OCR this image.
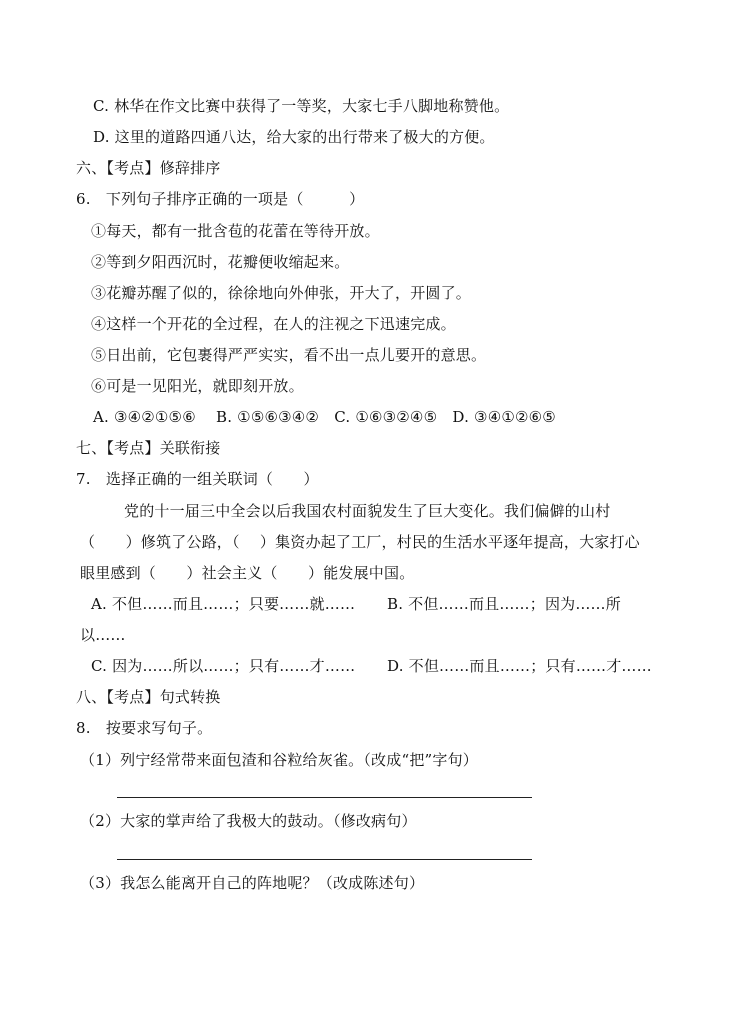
C. 林华在作文比赛中获得了一等奖，大家七手八脚地称赞他。
D. 这里的道路四通八达，给大家的出行带来了极大的方便。
六、【考点】修辞排序
6.　下列句子排序正确的一项是（　　　）
①每天，都有一批含苞的花蕾在等待开放。
②等到夕阳西沉时，花瓣便收缩起来。
③花瓣苏醒了似的，徐徐地向外伸张，开大了，开圆了。
④这样一个开花的全过程，在人的注视之下迅速完成。
⑤日出前，它包裹得严严实实，看不出一点儿要开的意思。
⑥可是一见阳光，就即刻开放。
A. ③④②①⑤⑥　 B. ①⑤⑥③④②　C. ①⑥③②④⑤　D. ③④①②⑥⑤
七、【考点】关联衔接
7.　选择正确的一组关联词（　　）
党的十一届三中全会以后我国农村面貌发生了巨大变化。我们偏僻的山村
（　　）修筑了公路，（　 ）集资办起了工厂，村民的生活水平逐年提高，大家打心
眼里感到（　　）社会主义（　　）能发展中国。
A. 不但……而且……；只要……就…… B. 不但……而且……；因为……所
以……
C. 因为……所以……；只有……才…… D. 不但……而且……；只有……才……
八、【考点】句式转换
8.　按要求写句子。
（1）列宁经常带来面包渣和谷粒给灰雀。（改成“把”字句）
（2）大家的掌声给了我极大的鼓动。（修改病句）
（3）我怎么能离开自己的阵地呢？（改成陈述句）
